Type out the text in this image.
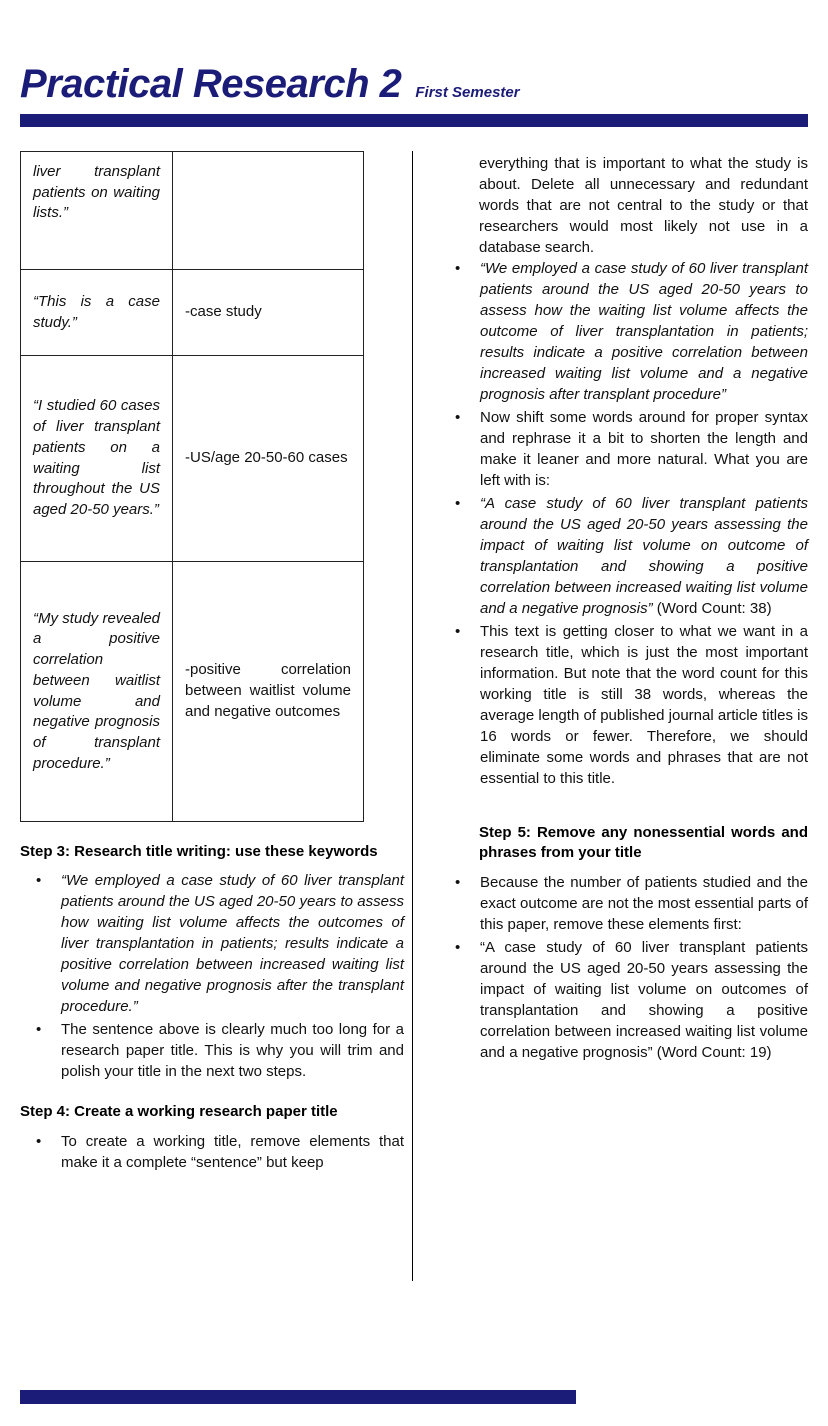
Practical Research 2 First Semester
liver transplant patients on waiting lists.”	
“This is a case study.”	-case study
“I studied 60 cases of liver transplant patients on a waiting list throughout the US aged 20-50 years.”	-US/age 20-50-60 cases
“My study revealed a positive correlation between waitlist volume and negative prognosis of transplant procedure.”	-positive correlation between waitlist volume and negative outcomes
Step 3: Research title writing: use these keywords
•	“We employed a case study of 60 liver transplant patients around the US aged 20-50 years to assess how waiting list volume affects the outcomes of liver transplantation in patients; results indicate a positive correlation between increased waiting list volume and negative prognosis after the transplant procedure.”

•	The sentence above is clearly much too long for a research paper title. This is why you will trim and polish your title in the next two steps.

Step 4: Create a working research paper title
•	To create a working title, remove elements that make it a complete “sentence” but keep

everything that is important to what the study is about. Delete all unnecessary and redundant words that are not central to the study or that researchers would most likely not use in a database search.

•	“We employed a case study of 60 liver transplant patients around the US aged 20-50 years to assess how the waiting list volume affects the outcome of liver transplantation in patients; results indicate a positive correlation between increased waiting list volume and a negative prognosis after transplant procedure”

•	Now shift some words around for proper syntax and rephrase it a bit to shorten the length and make it leaner and more natural. What you are left with is:

•	“A case study of 60 liver transplant patients around the US aged 20-50 years assessing the impact of waiting list volume on outcome of transplantation and showing a positive correlation between increased waiting list volume and a negative prognosis” (Word Count: 38)

•	This text is getting closer to what we want in a research title, which is just the most important information. But note that the word count for this working title is still 38 words, whereas the average length of published journal article titles is 16 words or fewer. Therefore, we should eliminate some words and phrases that are not essential to this title.

Step 5: Remove any nonessential words and phrases from your title
•	Because the number of patients studied and the exact outcome are not the most essential parts of this paper, remove these elements first:

•	“A case study of 60 liver transplant patients around the US aged 20-50 years assessing the impact of waiting list volume on outcomes of transplantation and showing a positive correlation between increased waiting list volume and a negative prognosis” (Word Count: 19)
